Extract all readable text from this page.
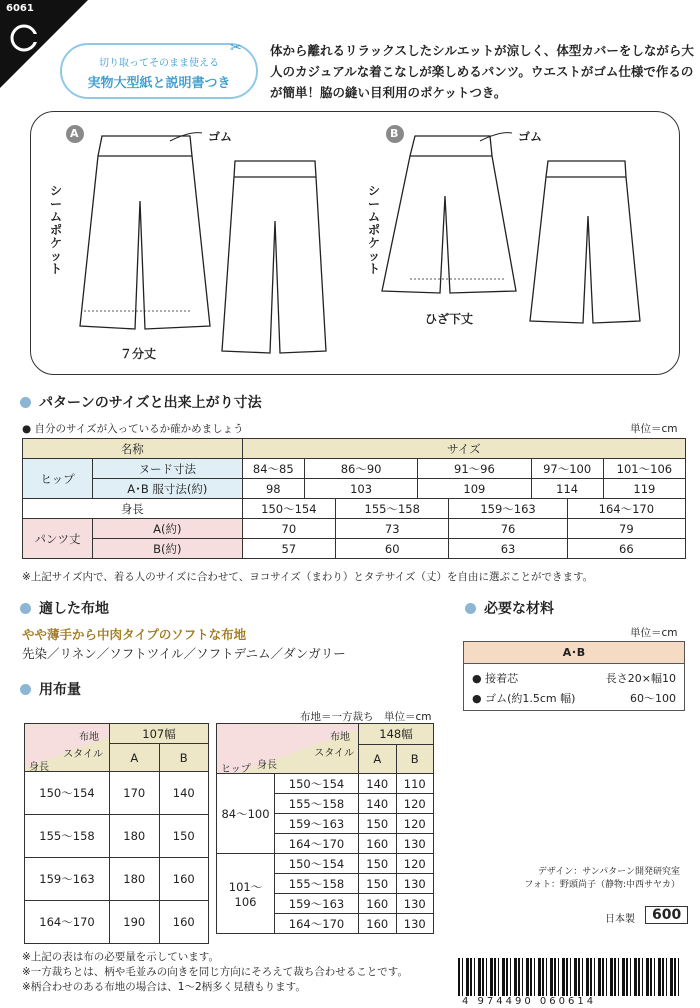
6061
切り取ってそのまま使える
実物大型紙と説明書つき
✂ 体から離れるリラックスしたシルエットが涼しく、体型カバーをしながら大人のカジュアルな着こなしが楽しめるパンツ。ウエストがゴム仕様で作るのが簡単！脇の縫い目利用のポケットつき。
A	B
ゴム	ゴム
シームポケット
シームポケット
７分丈
ひざ下丈
パターンのサイズと出来上がり寸法
● 自分のサイズが入っているか確かめましょう	単位＝cm
名称		サイズ							
ヒップ	ヌード寸法	84〜85	86〜90		91〜96		97〜100		101〜106
	A･B 服寸法(約)	98	103		109		114		119
身長		150〜154		155〜158		159〜163		164〜170	
パンツ丈	A(約)	70		73		76		79	
	B(約)	57		60		63		66	
※上記サイズ内で、着る人のサイズに合わせて、ヨコサイズ（まわり）とタテサイズ（丈）を自由に選ぶことができます。
適した布地
やや薄手から中肉タイプのソフトな布地
先染／リネン／ソフトツイル／ソフトデニム／ダンガリー
必要な材料
単位＝cm
A･B
● 接着芯	長さ20×幅10
● ゴム(約1.5cm 幅)	60〜100
用布量
布地＝一方裁ち　単位＝cm
布地
スタイル
身長	107幅	
	A	B
150〜154	170	140
155〜158	180	150
159〜163	180	160
164〜170	190	160
布地
スタイル
身長
ヒップ		148幅	
		A	B
84〜100	150〜154	140	110
	155〜158	140	120
	159〜163	150	120
	164〜170	160	130
101〜106	150〜154	150	120
	155〜158	150	130
	159〜163	160	130
	164〜170	160	130
※上記の表は布の必要量を示しています。
※一方裁ちとは、柄や毛並みの向きを同じ方向にそろえて裁ち合わせることです。
※柄合わせのある布地の場合は、1〜2柄多く見積もります。
デザイン：サンパターン開発研究室
フォト：野頭尚子（静物:中西サヤカ）
日本製	600
4 974490 060614
